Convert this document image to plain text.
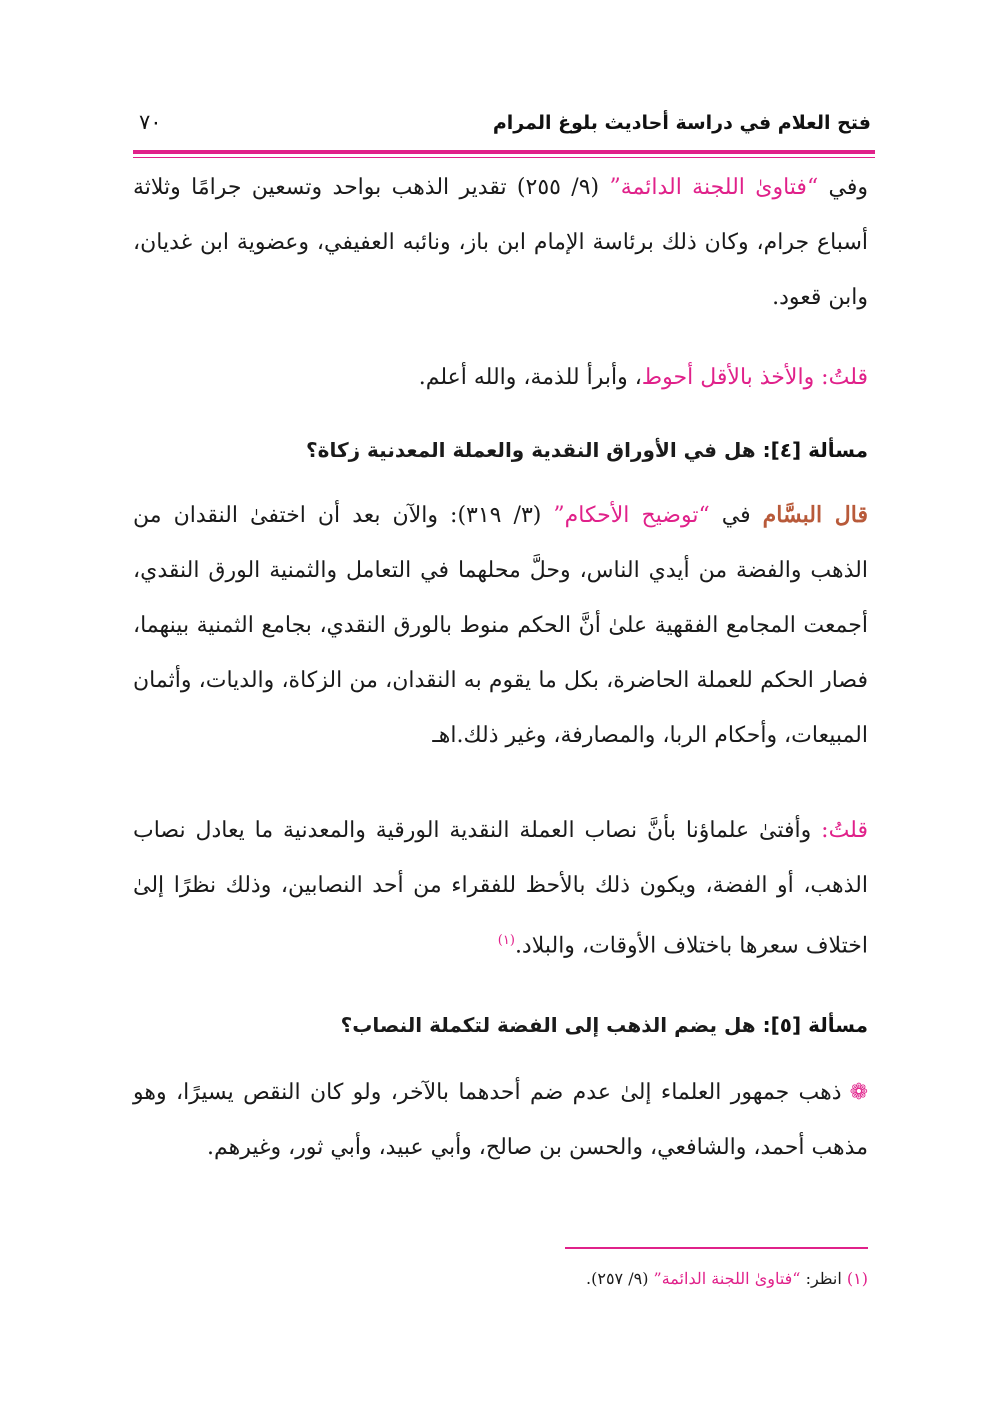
فتح العلام في دراسة أحاديث بلوغ المرام
٧٠

وفي “فتاوىٰ اللجنة الدائمة” (٩/ ٢٥٥) تقدير الذهب بواحد وتسعين جرامًا وثلاثة أسباع جرام، وكان ذلك برئاسة الإمام ابن باز، ونائبه العفيفي، وعضوية ابن غديان، وابن قعود.

قلتُ: والأخذ بالأقل أحوط، وأبرأ للذمة، والله أعلم.

مسألة [٤]: هل في الأوراق النقدية والعملة المعدنية زكاة؟

قال البسَّام في “توضيح الأحكام” (٣/ ٣١٩): والآن بعد أن اختفىٰ النقدان من الذهب والفضة من أيدي الناس، وحلَّ محلهما في التعامل والثمنية الورق النقدي، أجمعت المجامع الفقهية علىٰ أنَّ الحكم منوط بالورق النقدي، بجامع الثمنية بينهما، فصار الحكم للعملة الحاضرة، بكل ما يقوم به النقدان، من الزكاة، والديات، وأثمان المبيعات، وأحكام الربا، والمصارفة، وغير ذلك.اهـ

قلتُ: وأفتىٰ علماؤنا بأنَّ نصاب العملة النقدية الورقية والمعدنية ما يعادل نصاب الذهب، أو الفضة، ويكون ذلك بالأحظ للفقراء من أحد النصابين، وذلك نظرًا إلىٰ اختلاف سعرها باختلاف الأوقات، والبلاد.$^{(١)}$

مسألة [٥]: هل يضم الذهب إلى الفضة لتكملة النصاب؟

❁ذهب جمهور العلماء إلىٰ عدم ضم أحدهما بالآخر، ولو كان النقص يسيرًا، وهو مذهب أحمد، والشافعي، والحسن بن صالح، وأبي عبيد، وأبي ثور، وغيرهم.

(١) انظر: “فتاوىٰ اللجنة الدائمة” (٩/ ٢٥٧).
